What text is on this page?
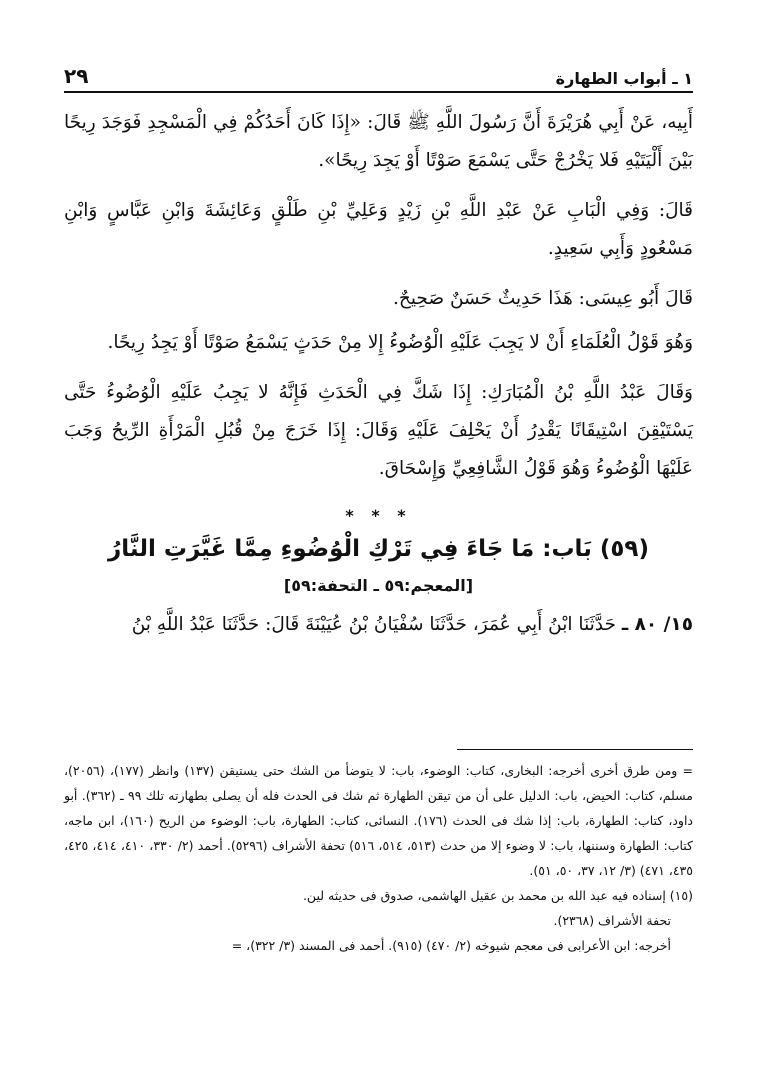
١ ـ أبواب الطهارة
٢٩

أَبِيه، عَنْ أَبِي هُرَيْرَةَ أَنَّ رَسُولَ اللَّهِ ﷺ قَالَ: «إِذَا كَانَ أَحَدُكُمْ فِي الْمَسْجِدِ فَوَجَدَ رِيحًا بَيْنَ أَلْيَتَيْهِ فَلا يَخْرُجْ حَتَّى يَسْمَعَ صَوْتًا أَوْ يَجِدَ رِيحًا».

قَالَ: وَفِي الْبَابِ عَنْ عَبْدِ اللَّهِ بْنِ زَيْدٍ وَعَلِيِّ بْنِ طَلْقٍ وَعَائِشَةَ وَابْنِ عَبَّاسٍ وَابْنِ مَسْعُودٍ وَأَبِي سَعِيدٍ.

قَالَ أَبُو عِيسَى: هَذَا حَدِيثٌ حَسَنٌ صَحِيحٌ.

وَهُوَ قَوْلُ الْعُلَمَاءِ أَنْ لا يَجِبَ عَلَيْهِ الْوُضُوءُ إِلا مِنْ حَدَثٍ يَسْمَعُ صَوْتًا أَوْ يَجِدُ رِيحًا.

وَقَالَ عَبْدُ اللَّهِ بْنُ الْمُبَارَكِ: إِذَا شَكَّ فِي الْحَدَثِ فَإِنَّهُ لا يَجِبُ عَلَيْهِ الْوُضُوءُ حَتَّى يَسْتَيْقِنَ اسْتِيقَانًا يَقْدِرُ أَنْ يَحْلِفَ عَلَيْهِ وَقَالَ: إِذَا خَرَجَ مِنْ قُبُلِ الْمَرْأَةِ الرِّيحُ وَجَبَ عَلَيْهَا الْوُضُوءُ وَهُوَ قَوْلُ الشَّافِعِيِّ وَإِسْحَاقَ.

* * *
(٥٩) بَاب: مَا جَاءَ فِي تَرْكِ الْوُضُوءِ مِمَّا غَيَّرَتِ النَّارُ
[المعجم:٥٩ ـ التحفة:٥٩]

١٥/ ٨٠ ـ حَدَّثَنَا ابْنُ أَبِي عُمَرَ، حَدَّثَنَا سُفْيَانُ بْنُ عُيَيْنَةَ قَالَ: حَدَّثَنَا عَبْدُ اللَّهِ بْنُ

= ومن طرق أخرى أخرجه: البخارى، كتاب: الوضوء، باب: لا يتوضأ من الشك حتى يستيقن (١٣٧) وانظر (١٧٧)، (٢٠٥٦)، مسلم، كتاب: الحيض، باب: الدليل على أن من تيقن الطهارة ثم شك فى الحدث فله أن يصلى بطهارته تلك ٩٩ ـ (٣٦٢). أبو داود، كتاب: الطهارة، باب: إذا شك فى الحدث (١٧٦). النسائى، كتاب: الطهارة، باب: الوضوء من الريح (١٦٠)، ابن ماجه، كتاب: الطهارة وسننها، باب: لا وضوء إلا من حدث (٥١٣، ٥١٤، ٥١٦) تحفة الأشراف (٥٢٩٦). أحمد (٢/ ٣٣٠، ٤١٠، ٤١٤، ٤٢٥، ٤٣٥، ٤٧١) (٣/ ١٢، ٣٧، ٥٠، ٥١).

(١٥) إسناده فيه عبد الله بن محمد بن عقيل الهاشمى، صدوق فى حديثه لين.

تحفة الأشراف (٢٣٦٨).

أخرجه: ابن الأعرابى فى معجم شيوخه (٢/ ٤٧٠) (٩١٥). أحمد فى المسند (٣/ ٣٢٢)، =
